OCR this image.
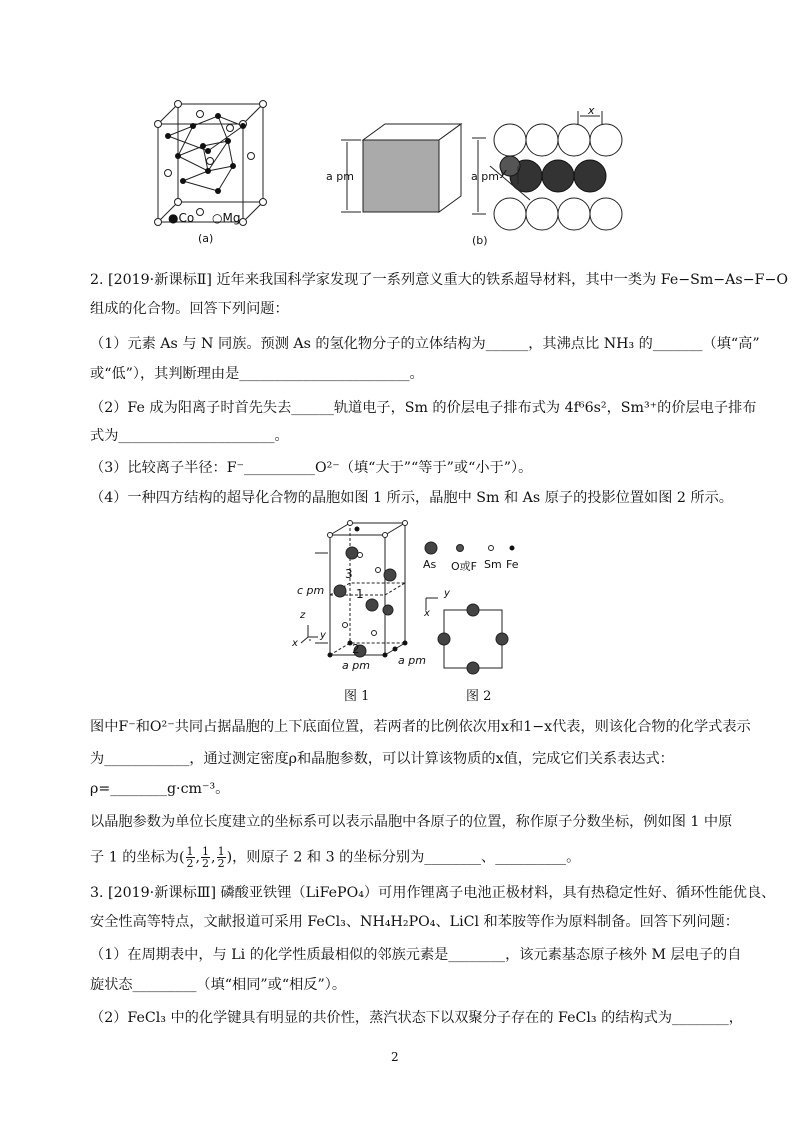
●Co ○Mg
(a)
a pm	a pm
x
y
(b)
2. [2019·新课标Ⅱ] 近年来我国科学家发现了一系列意义重大的铁系超导材料，其中一类为 Fe−Sm−As−F−O
组成的化合物。回答下列问题：
（1）元素 As 与 N 同族。预测 As 的氢化物分子的立体结构为______，其沸点比 NH₃ 的_______（填“高”
或“低”），其判断理由是________________________。
（2）Fe 成为阳离子时首先失去______轨道电子，Sm 的价层电子排布式为 4f⁶6s²，Sm³⁺的价层电子排布
式为______________________。
（3）比较离子半径：F⁻__________O²⁻（填“大于”“等于”或“小于”）。
（4）一种四方结构的超导化合物的晶胞如图 1 所示，晶胞中 Sm 和 As 原子的投影位置如图 2 所示。
c pm
a pm	a pm
1
2
3
z
x
y
As O或F Sm Fe
y
x
图 1	图 2
图中F⁻和O²⁻共同占据晶胞的上下底面位置，若两者的比例依次用x和1−x代表，则该化合物的化学式表示
为____________，通过测定密度ρ和晶胞参数，可以计算该物质的x值，完成它们关系表达式：
ρ=________g·cm⁻³。
以晶胞参数为单位长度建立的坐标系可以表示晶胞中各原子的位置，称作原子分数坐标，例如图 1 中原
子 1 的坐标为( $\frac{1}{2}$ , $\frac{1}{2}$ , $\frac{1}{2}$ )，则原子 2 和 3 的坐标分别为________、__________。
3. [2019·新课标Ⅲ] 磷酸亚铁锂（LiFePO₄）可用作锂离子电池正极材料，具有热稳定性好、循环性能优良、
安全性高等特点，文献报道可采用 FeCl₃、NH₄H₂PO₄、LiCl 和苯胺等作为原料制备。回答下列问题：
（1）在周期表中，与 Li 的化学性质最相似的邻族元素是________，该元素基态原子核外 M 层电子的自
旋状态_________（填“相同”或“相反”）。
（2）FeCl₃ 中的化学键具有明显的共价性，蒸汽状态下以双聚分子存在的 FeCl₃ 的结构式为________，
2
